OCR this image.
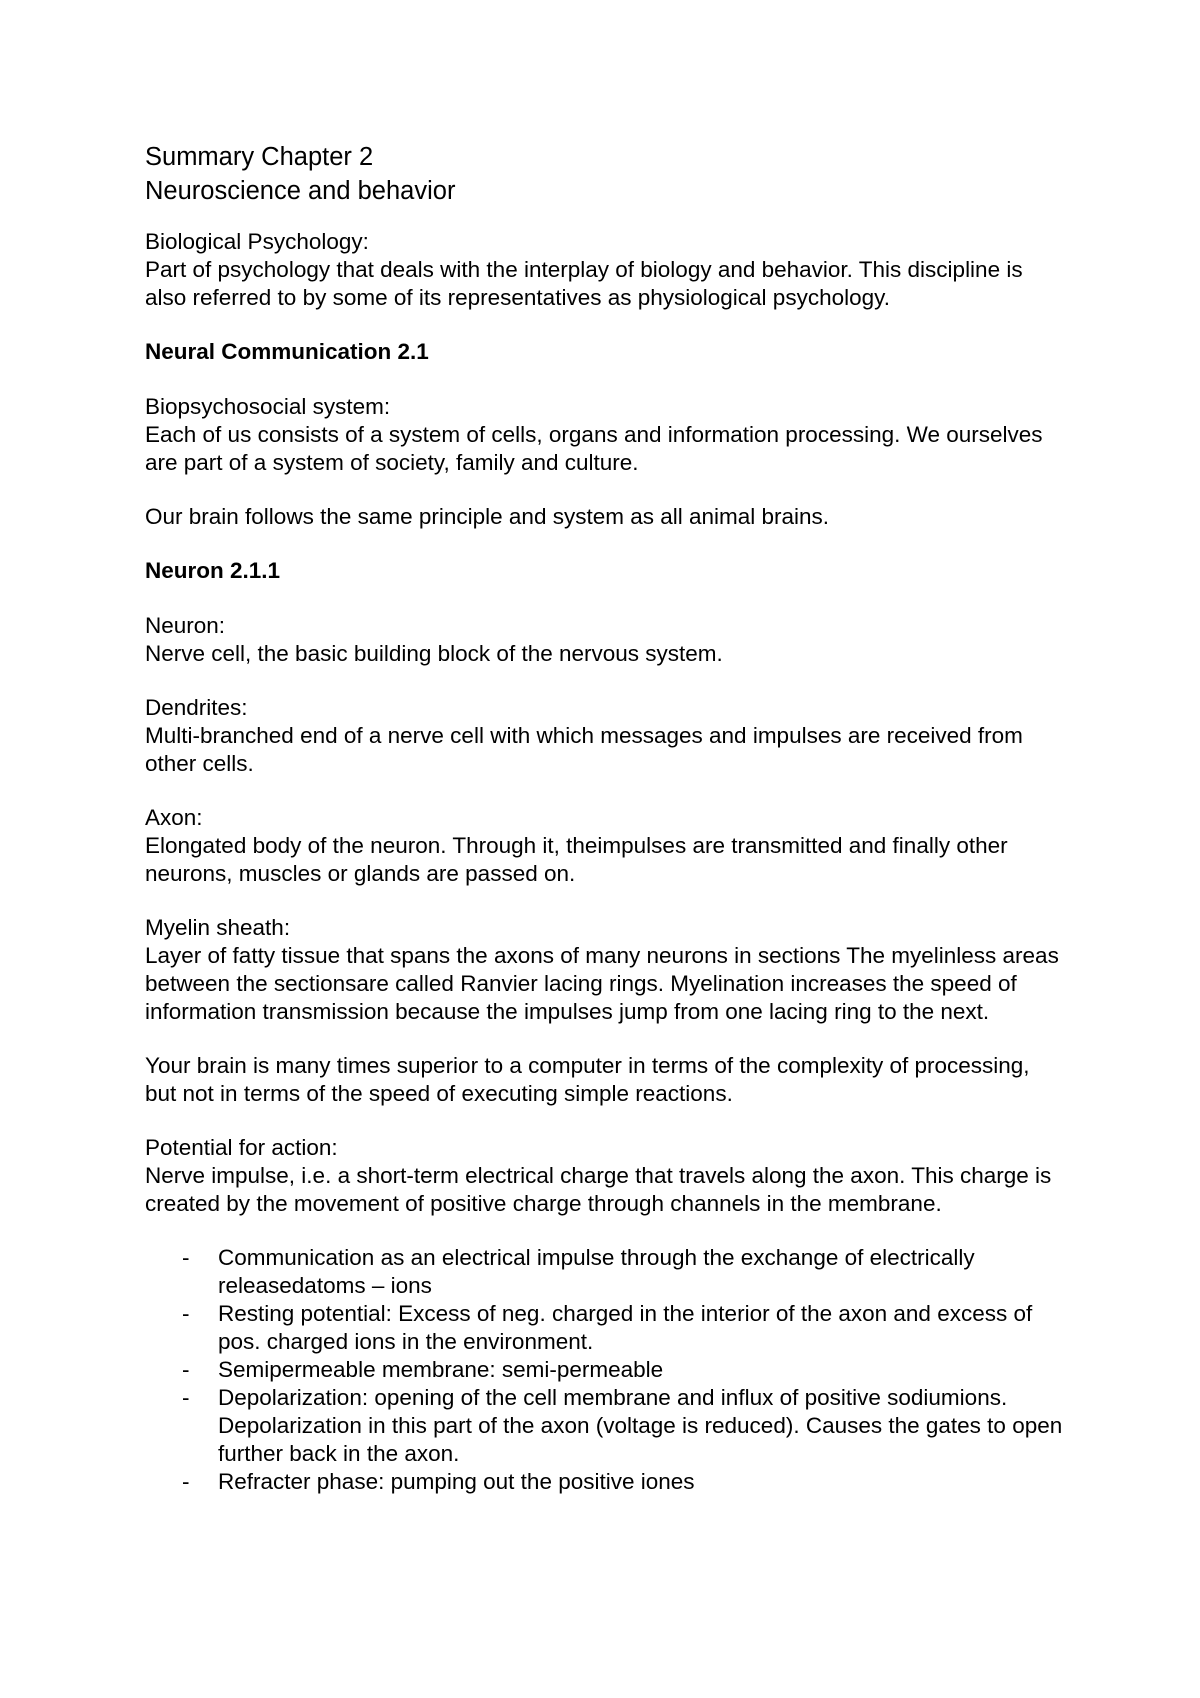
Summary Chapter 2

Neuroscience and behavior

Biological Psychology:

Part of psychology that deals with the interplay of biology and behavior. This discipline is also referred to by some of its representatives as physiological psychology.

Neural Communication 2.1

Biopsychosocial system:

Each of us consists of a system of cells, organs and information processing. We ourselves are part of a system of society, family and culture.

Our brain follows the same principle and system as all animal brains.

Neuron 2.1.1

Neuron:

Nerve cell, the basic building block of the nervous system.

Dendrites:

Multi-branched end of a nerve cell with which messages and impulses are received from other cells.

Axon:

Elongated body of the neuron. Through it, theimpulses are transmitted and finally other neurons, muscles or glands are passed on.

Myelin sheath:

Layer of fatty tissue that spans the axons of many neurons in sections The myelinless areas between the sectionsare called Ranvier lacing rings. Myelination increases the speed of information transmission because the impulses jump from one lacing ring to the next.

Your brain is many times superior to a computer in terms of the complexity of processing, but not in terms of the speed of executing simple reactions.

Potential for action:

Nerve impulse, i.e. a short-term electrical charge that travels along the axon. This charge is created by the movement of positive charge through channels in the membrane.

- Communication as an electrical impulse through the exchange of electrically releasedatoms – ions
- Resting potential: Excess of neg. charged in the interior of the axon and excess of pos. charged ions in the environment.
- Semipermeable membrane: semi-permeable
- Depolarization: opening of the cell membrane and influx of positive sodiumions. Depolarization in this part of the axon (voltage is reduced). Causes the gates to open further back in the axon.
- Refracter phase: pumping out the positive iones
